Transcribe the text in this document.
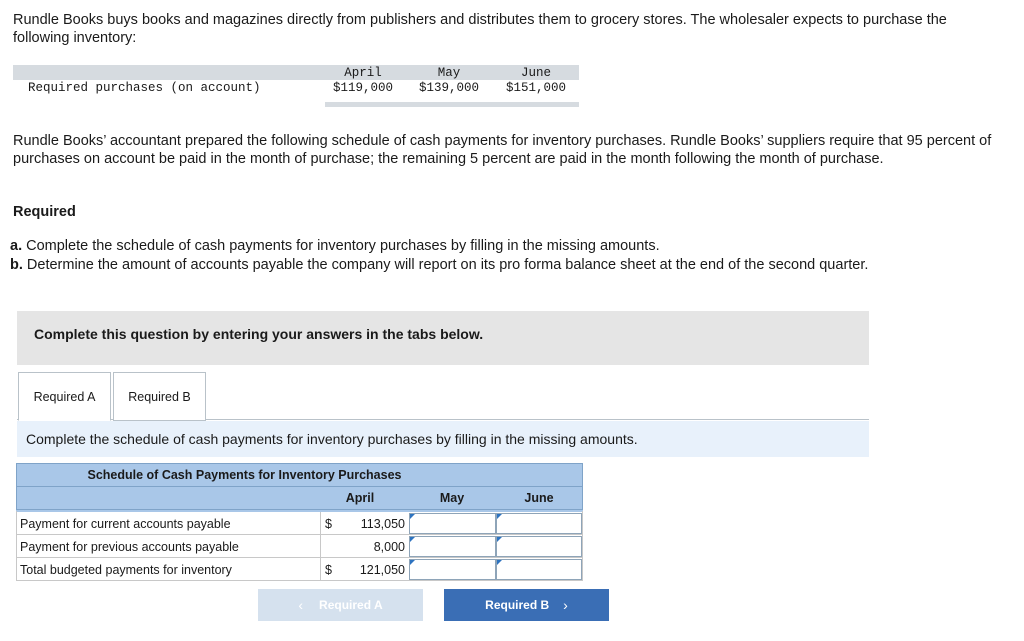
Rundle Books buys books and magazines directly from publishers and distributes them to grocery stores. The wholesaler expects to purchase the following inventory:
Required purchases (on account)
April	May	June
$119,000	$139,000	$151,000
Rundle Books’ accountant prepared the following schedule of cash payments for inventory purchases. Rundle Books’ suppliers require that 95 percent of purchases on account be paid in the month of purchase; the remaining 5 percent are paid in the month following the month of purchase.
Required
a. Complete the schedule of cash payments for inventory purchases by filling in the missing amounts.
b. Determine the amount of accounts payable the company will report on its pro forma balance sheet at the end of the second quarter.
Complete this question by entering your answers in the tabs below.
Required A	Required B
Complete the schedule of cash payments for inventory purchases by filling in the missing amounts.
Schedule of Cash Payments for Inventory Purchases
April	May	June
Payment for current accounts payable	$	113,050
Payment for previous accounts payable	8,000
Total budgeted payments for inventory	$	121,050
‹ Required A	Required B ›
